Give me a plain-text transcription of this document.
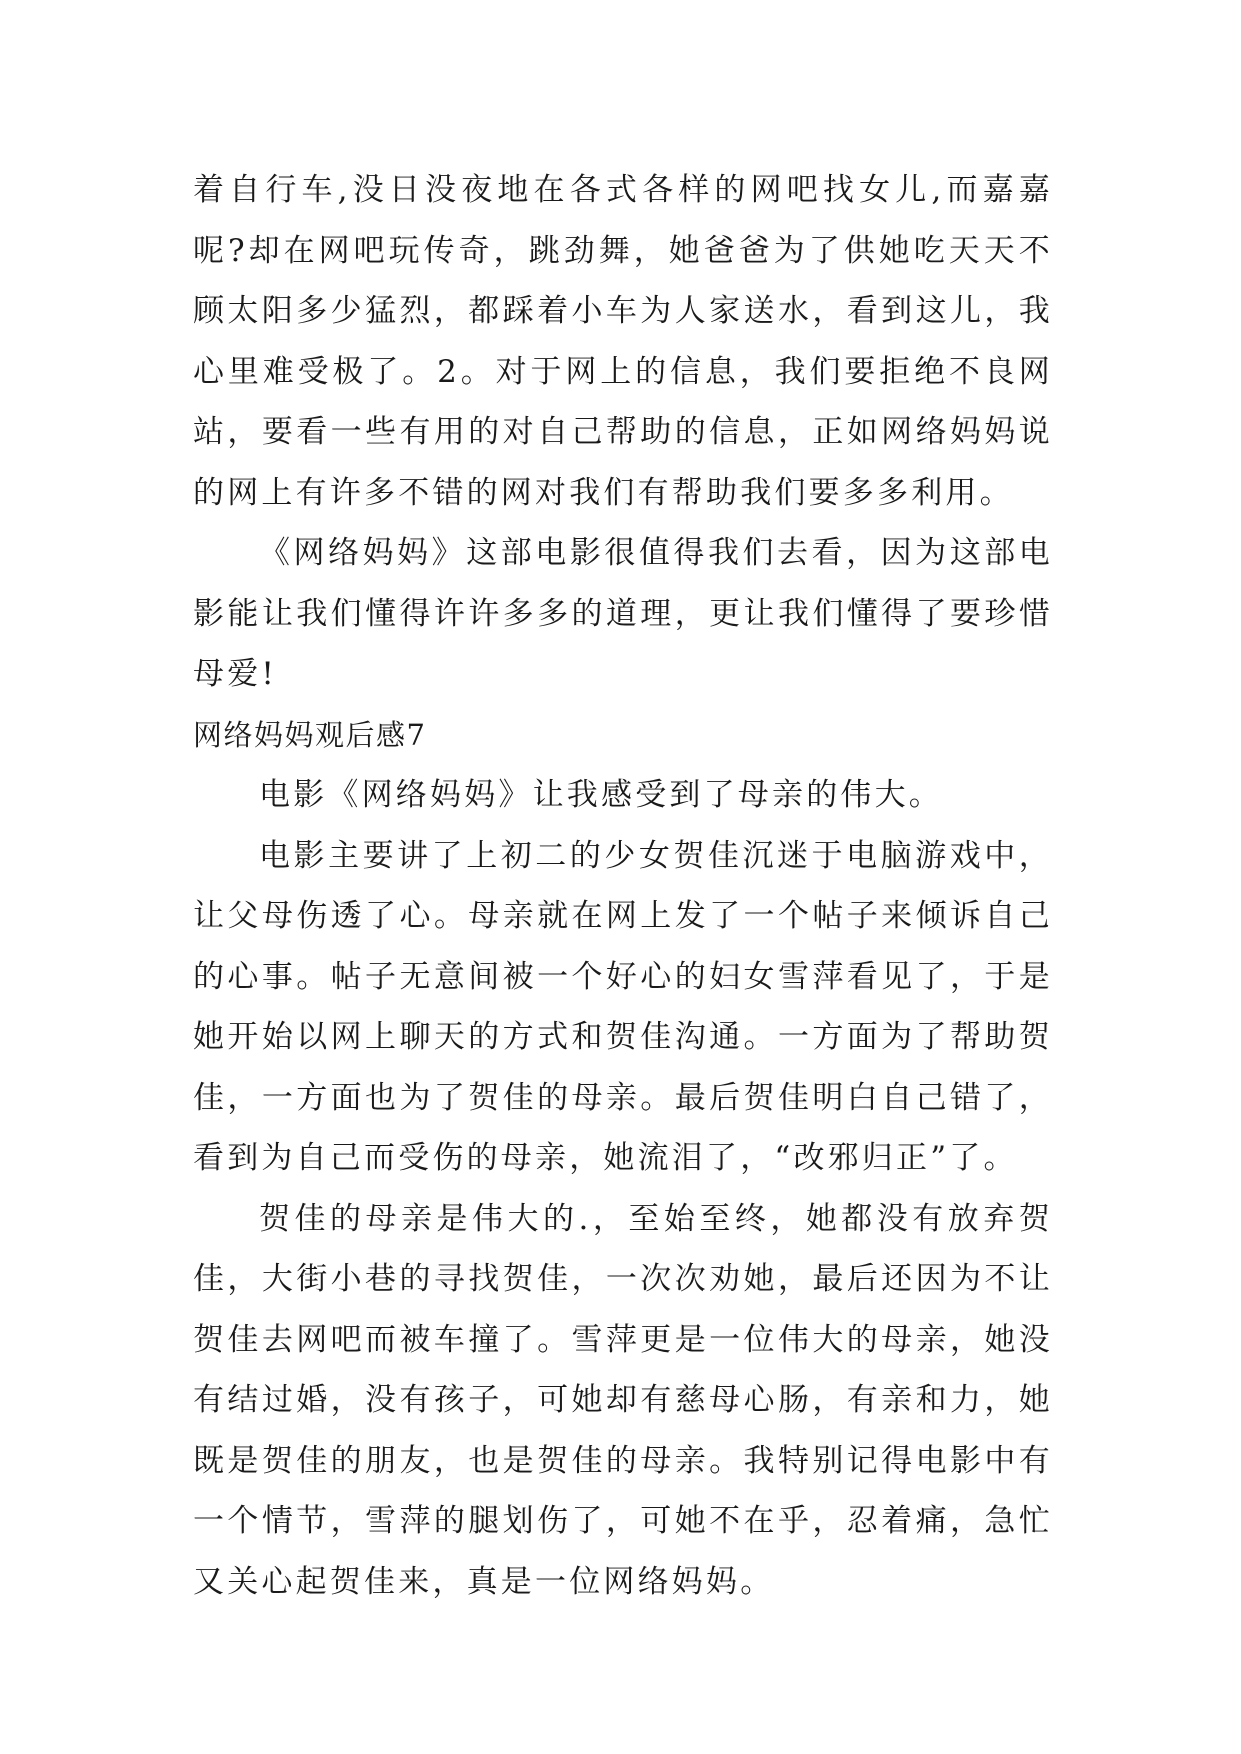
着自行车,没日没夜地在各式各样的网吧找女儿,而嘉嘉呢?却在网吧玩传奇，跳劲舞，她爸爸为了供她吃天天不顾太阳多少猛烈，都踩着小车为人家送水，看到这儿，我心里难受极了。2。对于网上的信息，我们要拒绝不良网站，要看一些有用的对自己帮助的信息，正如网络妈妈说的网上有许多不错的网对我们有帮助我们要多多利用。

《网络妈妈》这部电影很值得我们去看，因为这部电影能让我们懂得许许多多的道理，更让我们懂得了要珍惜母爱!

网络妈妈观后感7

电影《网络妈妈》让我感受到了母亲的伟大。

电影主要讲了上初二的少女贺佳沉迷于电脑游戏中，让父母伤透了心。母亲就在网上发了一个帖子来倾诉自己的心事。帖子无意间被一个好心的妇女雪萍看见了，于是她开始以网上聊天的方式和贺佳沟通。一方面为了帮助贺佳，一方面也为了贺佳的母亲。最后贺佳明白自己错了，看到为自己而受伤的母亲，她流泪了，“改邪归正”了。

贺佳的母亲是伟大的.，至始至终，她都没有放弃贺佳，大街小巷的寻找贺佳，一次次劝她，最后还因为不让贺佳去网吧而被车撞了。雪萍更是一位伟大的母亲，她没有结过婚，没有孩子，可她却有慈母心肠，有亲和力，她既是贺佳的朋友，也是贺佳的母亲。我特别记得电影中有一个情节，雪萍的腿划伤了，可她不在乎，忍着痛，急忙又关心起贺佳来，真是一位网络妈妈。
